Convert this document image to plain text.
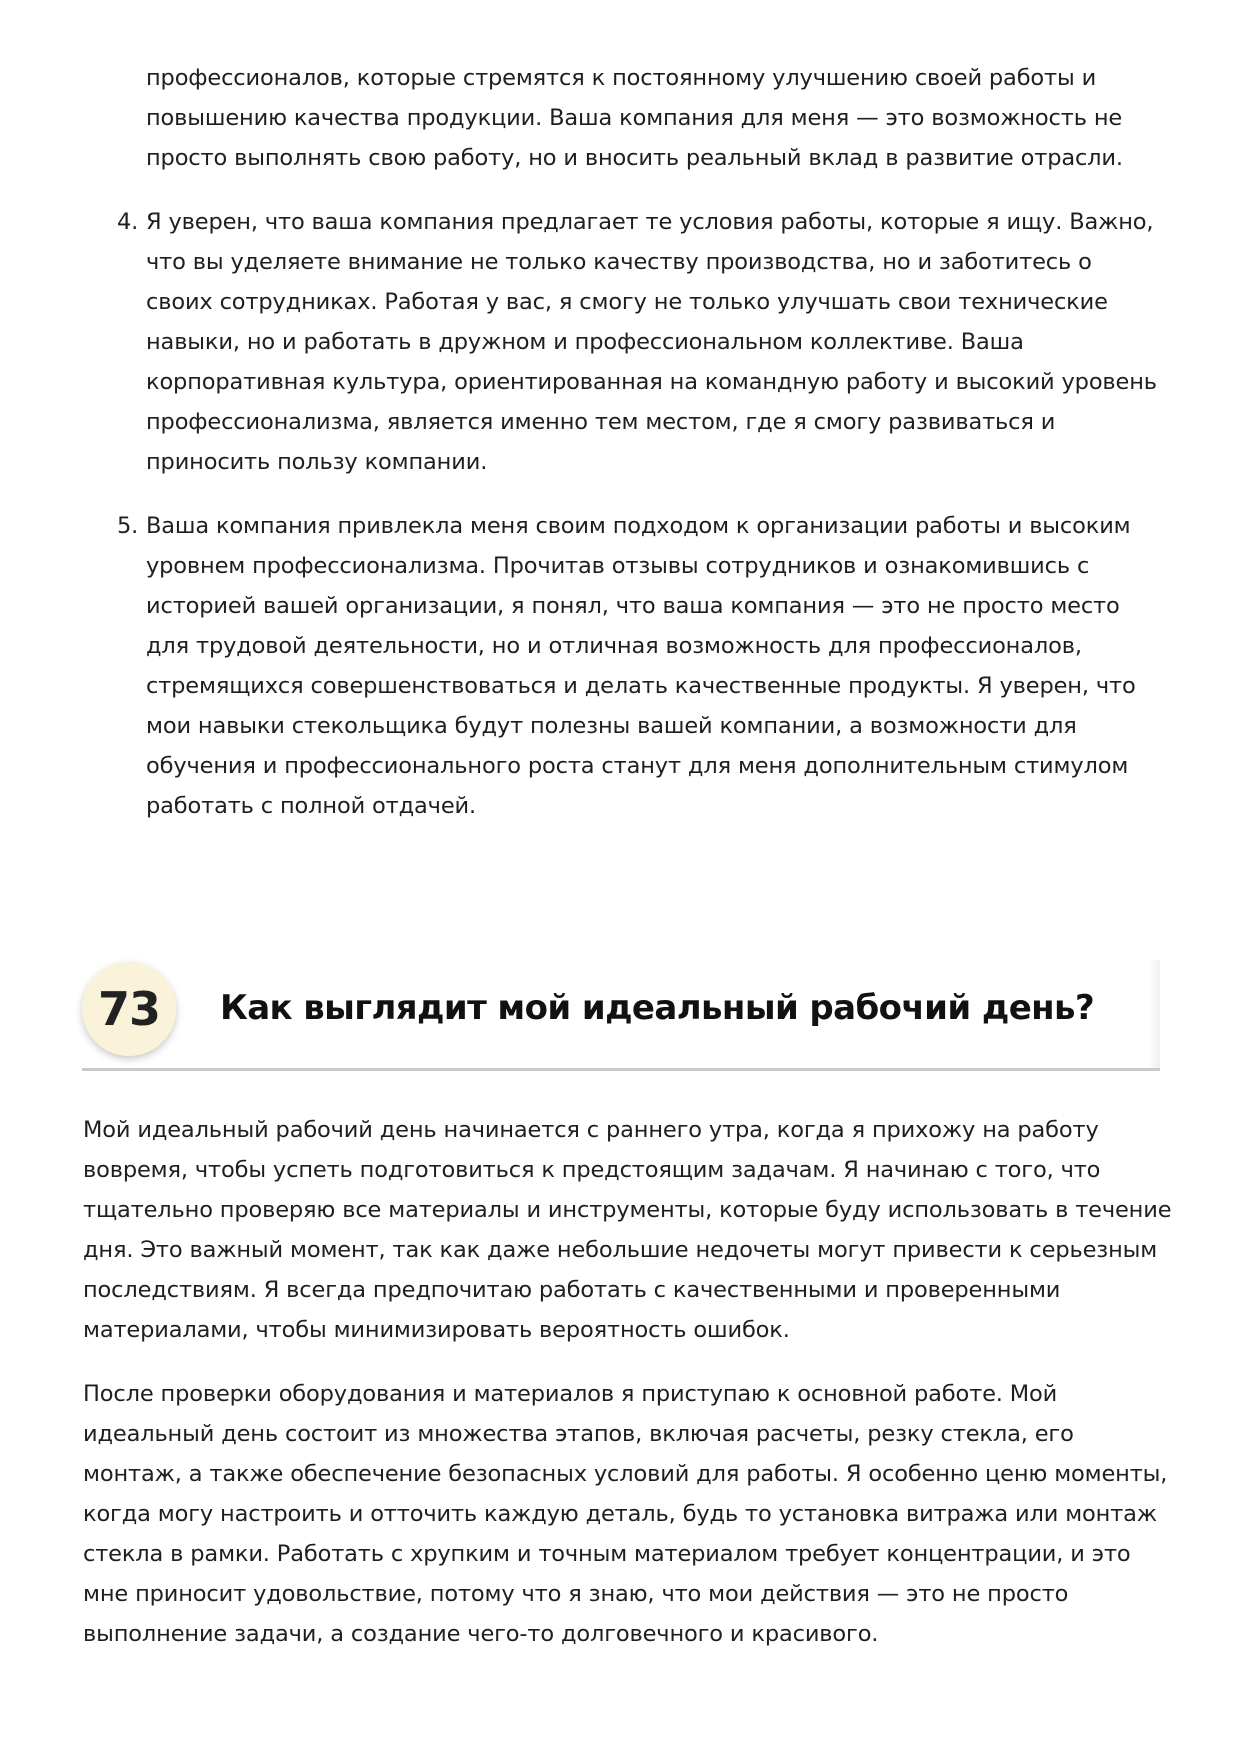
профессионалов, которые стремятся к постоянному улучшению своей работы и повышению качества продукции. Ваша компания для меня — это возможность не просто выполнять свою работу, но и вносить реальный вклад в развитие отрасли.
4. Я уверен, что ваша компания предлагает те условия работы, которые я ищу. Важно, что вы уделяете внимание не только качеству производства, но и заботитесь о своих сотрудниках. Работая у вас, я смогу не только улучшать свои технические навыки, но и работать в дружном и профессиональном коллективе. Ваша корпоративная культура, ориентированная на командную работу и высокий уровень профессионализма, является именно тем местом, где я смогу развиваться и приносить пользу компании.
5. Ваша компания привлекла меня своим подходом к организации работы и высоким уровнем профессионализма. Прочитав отзывы сотрудников и ознакомившись с историей вашей организации, я понял, что ваша компания — это не просто место для трудовой деятельности, но и отличная возможность для профессионалов, стремящихся совершенствоваться и делать качественные продукты. Я уверен, что мои навыки стекольщика будут полезны вашей компании, а возможности для обучения и профессионального роста станут для меня дополнительным стимулом работать с полной отдачей.
73	Как выглядит мой идеальный рабочий день?

Мой идеальный рабочий день начинается с раннего утра, когда я прихожу на работу вовремя, чтобы успеть подготовиться к предстоящим задачам. Я начинаю с того, что тщательно проверяю все материалы и инструменты, которые буду использовать в течение дня. Это важный момент, так как даже небольшие недочеты могут привести к серьезным последствиям. Я всегда предпочитаю работать с качественными и проверенными материалами, чтобы минимизировать вероятность ошибок.

После проверки оборудования и материалов я приступаю к основной работе. Мой идеальный день состоит из множества этапов, включая расчеты, резку стекла, его монтаж, а также обеспечение безопасных условий для работы. Я особенно ценю моменты, когда могу настроить и отточить каждую деталь, будь то установка витража или монтаж стекла в рамки. Работать с хрупким и точным материалом требует концентрации, и это мне приносит удовольствие, потому что я знаю, что мои действия — это не просто выполнение задачи, а создание чего-то долговечного и красивого.
